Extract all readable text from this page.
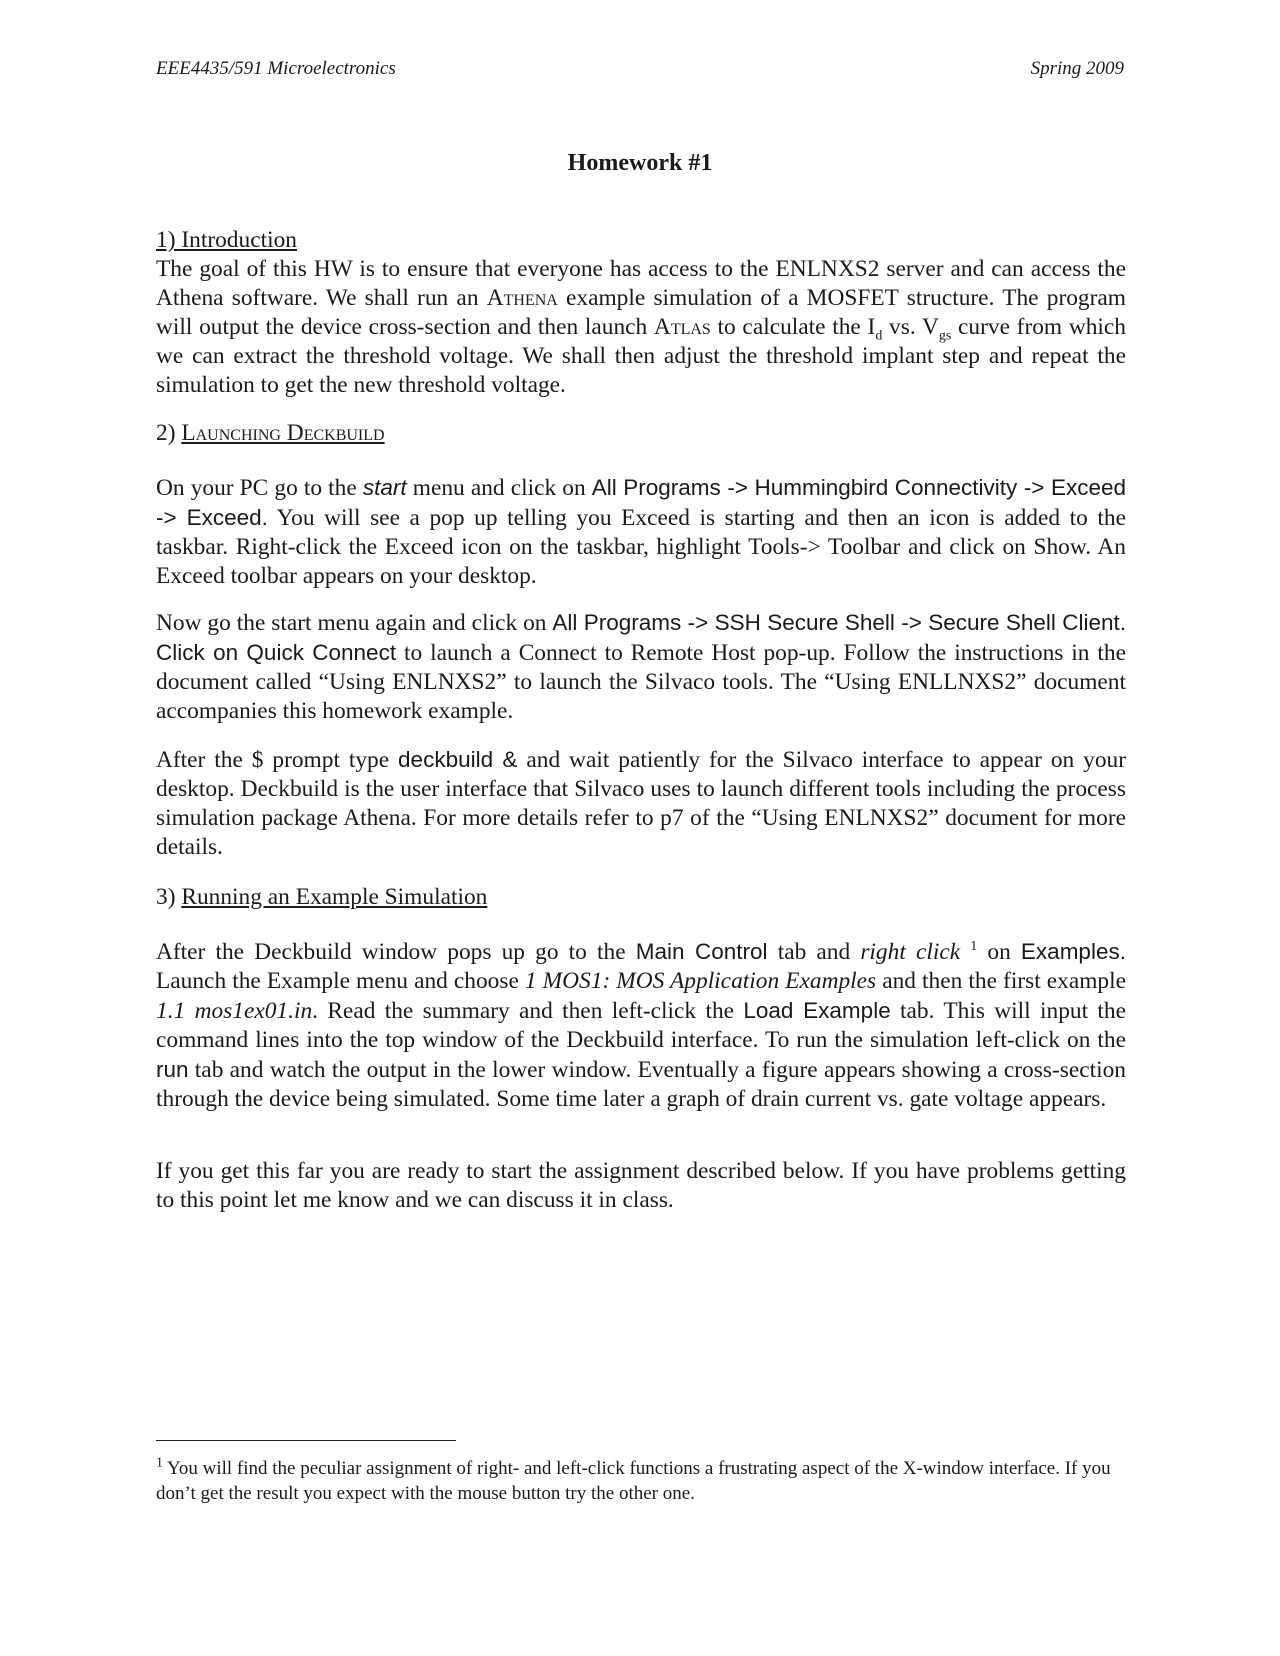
EEE4435/591 Microelectronics	Spring 2009
Homework #1

1) Introduction

The goal of this HW is to ensure that everyone has access to the ENLNXS2 server and can access the Athena software. We shall run an Athena example simulation of a MOSFET structure. The program will output the device cross-section and then launch Atlas to calculate the $I_d$ vs. $V_{gs}$ curve from which we can extract the threshold voltage. We shall then adjust the threshold implant step and repeat the simulation to get the new threshold voltage.

2) Launching Deckbuild

On your PC go to the start menu and click on All Programs -> Hummingbird Connectivity -> Exceed -> Exceed. You will see a pop up telling you Exceed is starting and then an icon is added to the taskbar. Right-click the Exceed icon on the taskbar, highlight Tools-> Toolbar and click on Show. An Exceed toolbar appears on your desktop.

Now go the start menu again and click on All Programs -> SSH Secure Shell -> Secure Shell Client. Click on Quick Connect to launch a Connect to Remote Host pop-up. Follow the instructions in the document called “Using ENLNXS2” to launch the Silvaco tools. The “Using ENLLNXS2” document accompanies this homework example.

After the $ prompt type deckbuild & and wait patiently for the Silvaco interface to appear on your desktop. Deckbuild is the user interface that Silvaco uses to launch different tools including the process simulation package Athena. For more details refer to p7 of the “Using ENLNXS2” document for more details.

3) Running an Example Simulation

After the Deckbuild window pops up go to the Main Control tab and right click $^1$ on Examples. Launch the Example menu and choose 1 MOS1: MOS Application Examples and then the first example 1.1 mos1ex01.in. Read the summary and then left-click the Load Example tab. This will input the command lines into the top window of the Deckbuild interface. To run the simulation left-click on the run tab and watch the output in the lower window. Eventually a figure appears showing a cross-section through the device being simulated. Some time later a graph of drain current vs. gate voltage appears.

If you get this far you are ready to start the assignment described below. If you have problems getting to this point let me know and we can discuss it in class.

$^1$ You will find the peculiar assignment of right- and left-click functions a frustrating aspect of the X-window interface. If you don’t get the result you expect with the mouse button try the other one.
